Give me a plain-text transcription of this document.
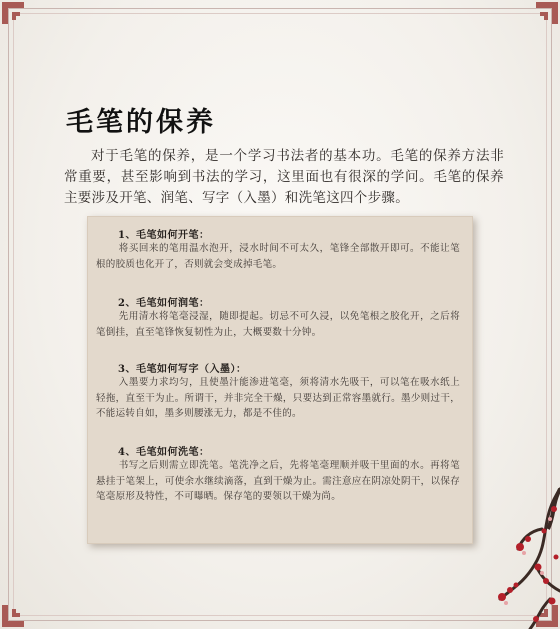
毛笔的保养
对于毛笔的保养，是一个学习书法者的基本功。毛笔的保养方法非常重要，甚至影响到书法的学习，这里面也有很深的学问。毛笔的保养主要涉及开笔、润笔、写字（入墨）和洗笔这四个步骤。
1、毛笔如何开笔：
将买回来的笔用温水泡开，浸水时间不可太久，笔锋全部散开即可。不能让笔根的胶质也化开了，否则就会变成掉毛笔。
2、毛笔如何润笔：
先用清水将笔毫浸湿，随即提起。切忌不可久浸，以免笔根之胶化开，之后将笔倒挂，直至笔锋恢复韧性为止，大概要数十分钟。
3、毛笔如何写字（入墨）：
入墨要力求均匀，且使墨汁能渗进笔毫，须将清水先吸干，可以笔在吸水纸上轻拖，直至干为止。所谓干，并非完全干燥，只要达到正常容墨就行。墨少则过干，不能运转自如，墨多则腰涨无力，都是不佳的。
4、毛笔如何洗笔：
书写之后则需立即洗笔。笔洗净之后，先将笔毫理顺并吸干里面的水。再将笔悬挂于笔架上，可使余水继续滴落，直到干燥为止。需注意应在阴凉处阴干，以保存笔毫原形及特性，不可曝晒。保存笔的要领以干燥为尚。
